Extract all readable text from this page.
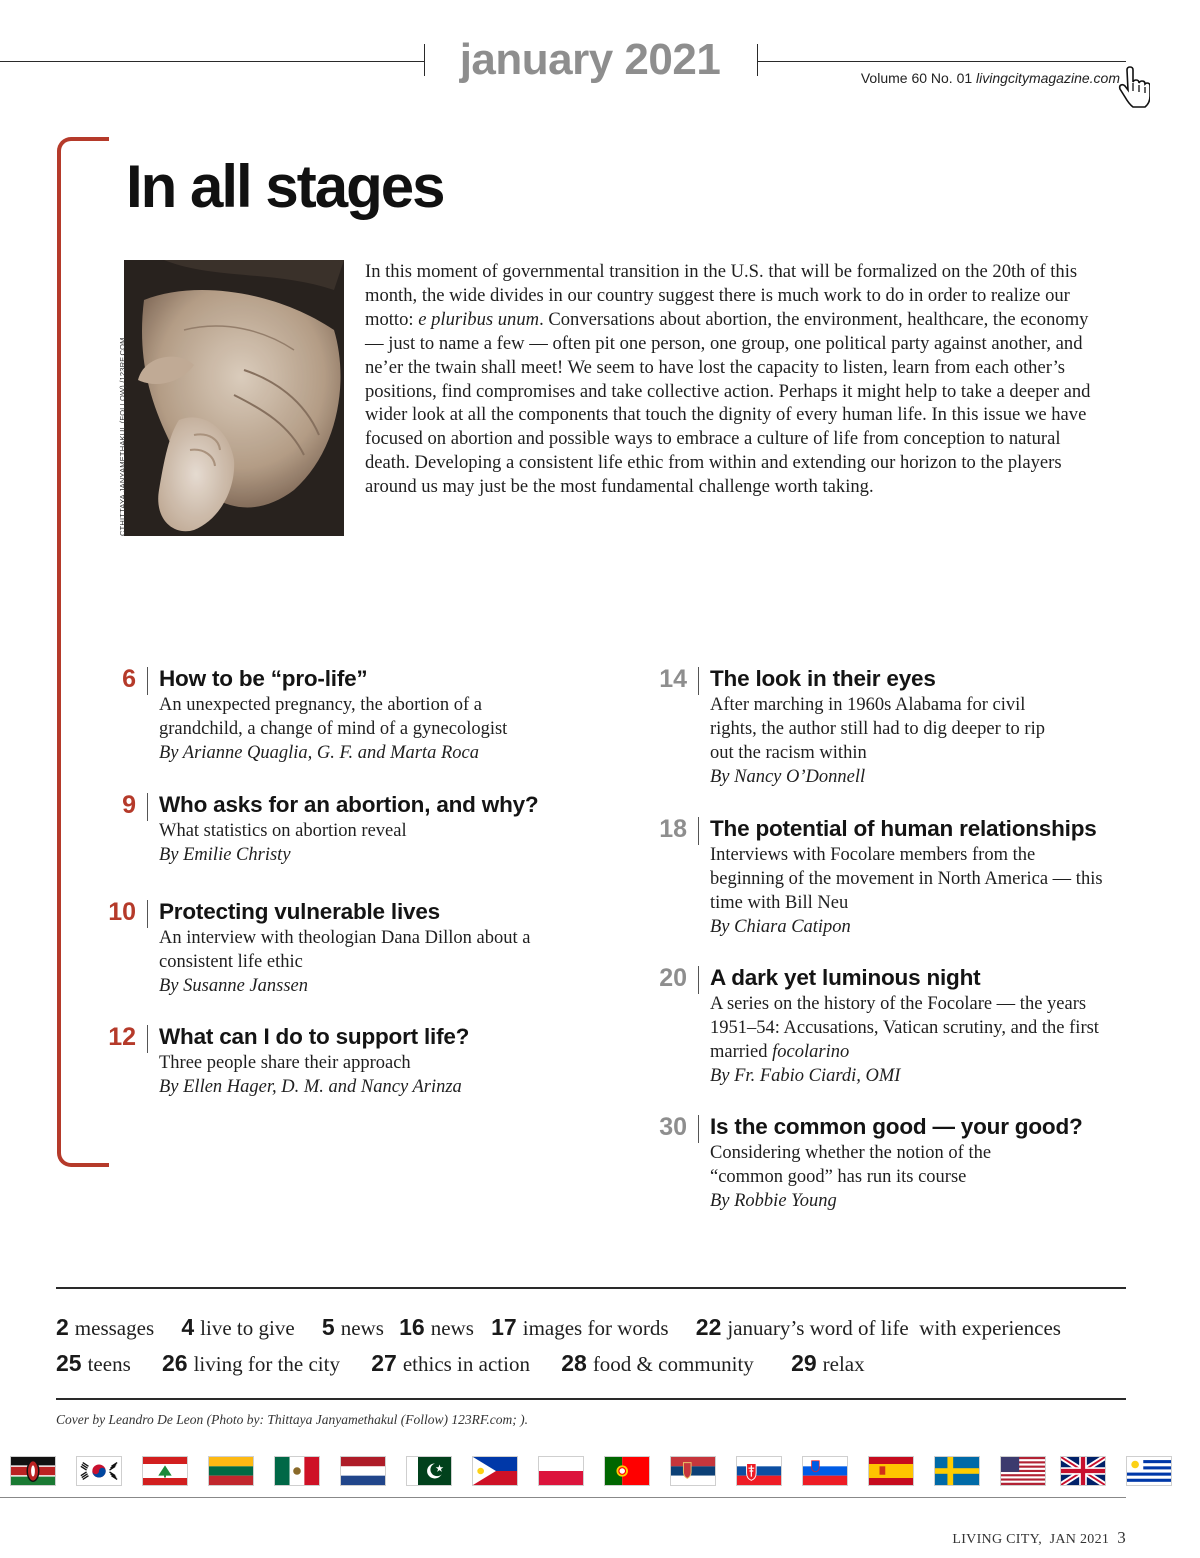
january 2021	Volume 60 No. 01 livingcitymagazine.com
In all stages
CTHITTAYA JANYAMETHAKUL (FOLLOW) /123RF.COM

In this moment of governmental transition in the U.S. that will be formalized on the 20th of this month, the wide divides in our country suggest there is much work to do in order to realize our motto: e pluribus unum. Conversations about abortion, the environment, healthcare, the economy — just to name a few — often pit one person, one group, one political party against another, and ne’er the twain shall meet! We seem to have lost the capacity to listen, learn from each other’s positions, find compromises and take collective action. Perhaps it might help to take a deeper and wider look at all the components that touch the dignity of every human life. In this issue we have focused on abortion and possible ways to embrace a culture of life from conception to natural death. Developing a consistent life ethic from within and extending our horizon to the players around us may just be the most fundamental challenge worth taking.

6 How to be “pro-life”
An unexpected pregnancy, the abortion of a grandchild, a change of mind of a gynecologist
By Arianne Quaglia, G. F. and Marta Roca
9 Who asks for an abortion, and why?
What statistics on abortion reveal
By Emilie Christy
10 Protecting vulnerable lives
An interview with theologian Dana Dillon about a consistent life ethic
By Susanne Janssen
12 What can I do to support life?
Three people share their approach
By Ellen Hager, D. M. and Nancy Arinza
14 The look in their eyes
After marching in 1960s Alabama for civil rights, the author still had to dig deeper to rip out the racism within
By Nancy O’Donnell
18 The potential of human relationships
Interviews with Focolare members from the beginning of the movement in North America — this time with Bill Neu
By Chiara Catipon
20 A dark yet luminous night
A series on the history of the Focolare — the years 1951–54: Accusations, Vatican scrutiny, and the first married focolarino
By Fr. Fabio Ciardi, OMI
30 Is the common good — your good?
Considering whether the notion of the “common good” has run its course
By Robbie Young
2 messages 4 live to give 5 news 16 news 17 images for words 22 january’s word of life  with experiences
25 teens 26 living for the city 27 ethics in action 28 food & community 29 relax
Cover by Leandro De Leon (Photo by: Thittaya Janyamethakul (Follow) 123RF.com; ).
LIVING CITY,  JAN 2021 3
